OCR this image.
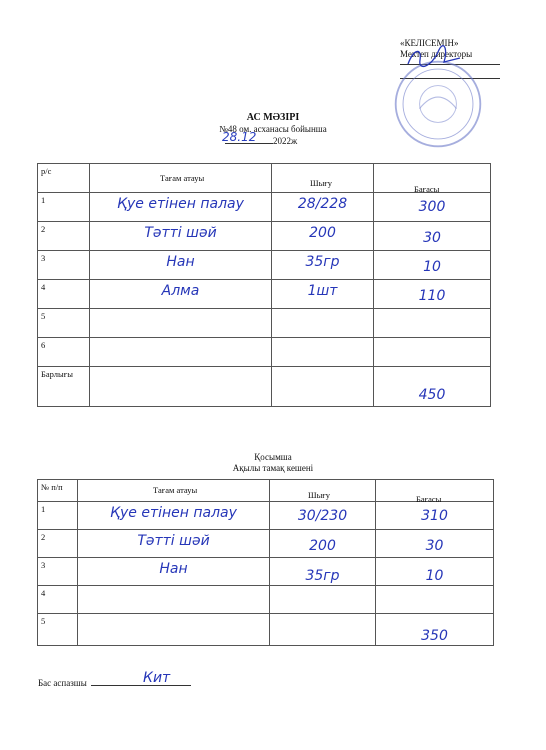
«КЕЛІСЕМІН»
Мектеп директоры
АС МӘЗІРІ
№48 ом. асханасы бойынша
28.12 2022ж
р/с	Тағам атауы	Шығу	Бағасы

1	Қуе етінен палау	28/228	300

2	Тәтті шәй	200	30

3	Нан	35гр	10

4	Алма	1шт	110

5			

6			

Барлығы			450
Қосымша
Ақылы тамақ кешені
№ п/п	Тағам атауы	Шығу	Бағасы

1	Қуе етінен палау	30/230	310

2	Тәтті шәй	200	30

3	Нан	35гр	10

4			

5			350
Бас аспазшы	Кит
